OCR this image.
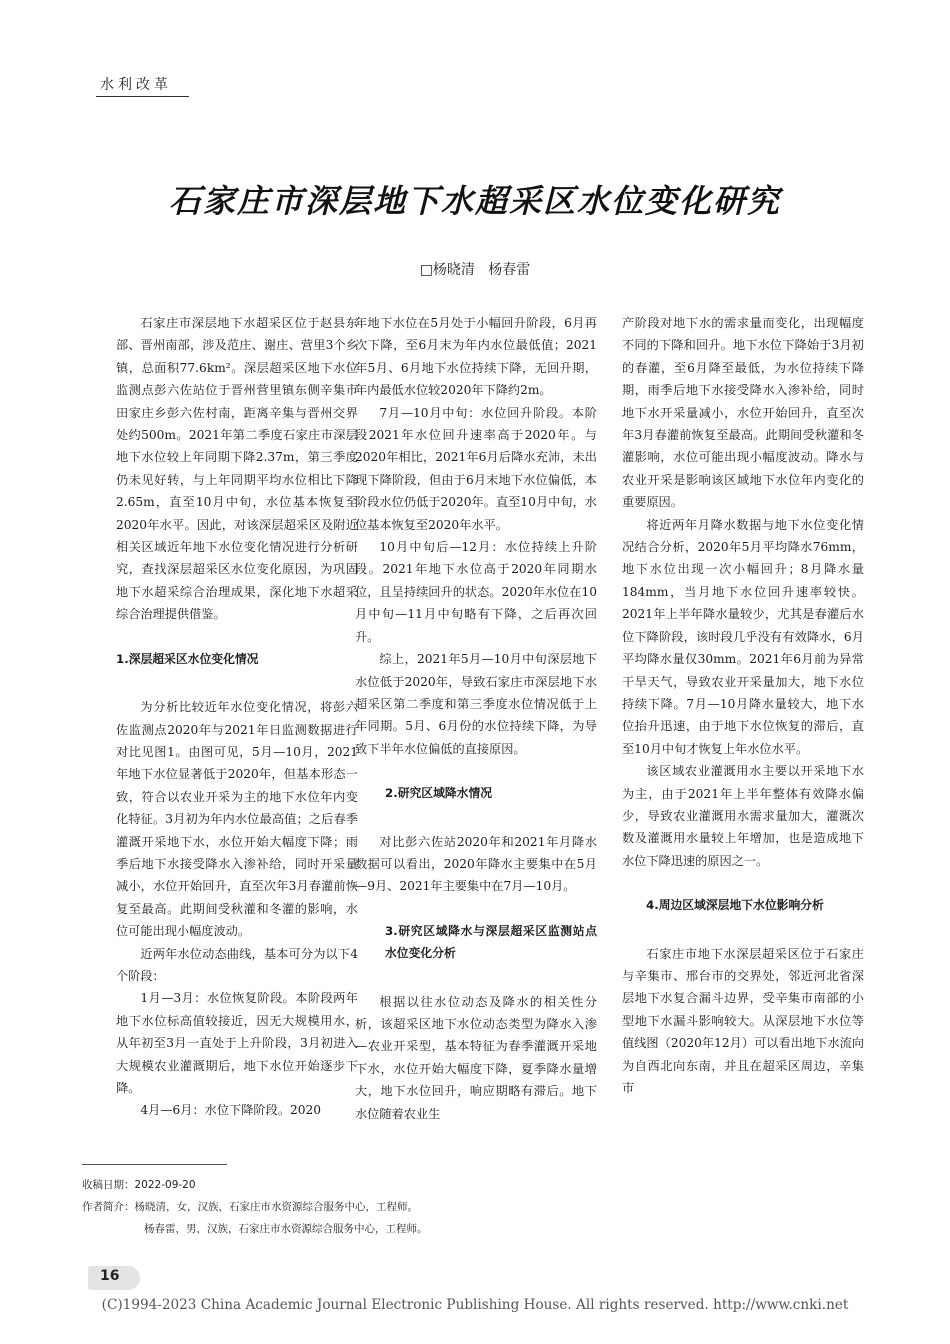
水利改革
石家庄市深层地下水超采区水位变化研究
□杨晓清   杨春雷

石家庄市深层地下水超采区位于赵县东部、晋州南部，涉及范庄、谢庄、营里3个乡镇，总面积77.6km²。深层超采区地下水位监测点彭六佐站位于晋州营里镇东侧辛集市田家庄乡彭六佐村南，距离辛集与晋州交界处约500m。2021年第二季度石家庄市深层地下水位较上年同期下降2.37m，第三季度仍未见好转，与上年同期平均水位相比下降2.65m，直至10月中旬，水位基本恢复至2020年水平。因此，对该深层超采区及附近相关区域近年地下水位变化情况进行分析研究，查找深层超采区水位变化原因，为巩固地下水超采综合治理成果，深化地下水超采综合治理提供借鉴。

1.深层超采区水位变化情况

为分析比较近年水位变化情况，将彭六佐监测点2020年与2021年日监测数据进行对比见图1。由图可见，5月—10月，2021年地下水位显著低于2020年，但基本形态一致，符合以农业开采为主的地下水位年内变化特征。3月初为年内水位最高值；之后春季灌溉开采地下水，水位开始大幅度下降；雨季后地下水接受降水入渗补给，同时开采量减小，水位开始回升，直至次年3月春灌前恢复至最高。此期间受秋灌和冬灌的影响，水位可能出现小幅度波动。

近两年水位动态曲线，基本可分为以下4个阶段：

1月—3月：水位恢复阶段。本阶段两年地下水位标高值较接近，因无大规模用水，从年初至3月一直处于上升阶段，3月初进入大规模农业灌溉期后，地下水位开始逐步下降。

4月—6月：水位下降阶段。2020

年地下水位在5月处于小幅回升阶段，6月再次下降，至6月末为年内水位最低值；2021年5月、6月地下水位持续下降，无回升期，年内最低水位较2020年下降约2m。

7月—10月中旬：水位回升阶段。本阶段2021年水位回升速率高于2020年。与2020年相比，2021年6月后降水充沛，未出现下降阶段，但由于6月末地下水位偏低，本阶段水位仍低于2020年。直至10月中旬，水位基本恢复至2020年水平。

10月中旬后—12月：水位持续上升阶段。2021年地下水位高于2020年同期水位，且呈持续回升的状态。2020年水位在10月中旬—11月中旬略有下降，之后再次回升。

综上，2021年5月—10月中旬深层地下水位低于2020年，导致石家庄市深层地下水超采区第二季度和第三季度水位情况低于上年同期。5月、6月份的水位持续下降，为导致下半年水位偏低的直接原因。

2.研究区域降水情况

对比彭六佐站2020年和2021年月降水数据可以看出，2020年降水主要集中在5月—9月、2021年主要集中在7月—10月。

3.研究区域降水与深层超采区监测站点水位变化分析

根据以往水位动态及降水的相关性分析，该超采区地下水位动态类型为降水入渗—农业开采型，基本特征为春季灌溉开采地下水，水位开始大幅度下降，夏季降水量增大，地下水位回升，响应期略有滞后。地下水位随着农业生

产阶段对地下水的需求量而变化，出现幅度不同的下降和回升。地下水位下降始于3月初的春灌，至6月降至最低，为水位持续下降期，雨季后地下水接受降水入渗补给，同时地下水开采量减小，水位开始回升，直至次年3月春灌前恢复至最高。此期间受秋灌和冬灌影响，水位可能出现小幅度波动。降水与农业开采是影响该区域地下水位年内变化的重要原因。

将近两年月降水数据与地下水位变化情况结合分析，2020年5月平均降水76mm，地下水位出现一次小幅回升；8月降水量184mm，当月地下水位回升速率较快。2021年上半年降水量较少，尤其是春灌后水位下降阶段，该时段几乎没有有效降水，6月平均降水量仅30mm。2021年6月前为异常干旱天气，导致农业开采量加大，地下水位持续下降。7月—10月降水量较大，地下水位抬升迅速，由于地下水位恢复的滞后，直至10月中旬才恢复上年水位水平。

该区域农业灌溉用水主要以开采地下水为主，由于2021年上半年整体有效降水偏少，导致农业灌溉用水需求量加大，灌溉次数及灌溉用水量较上年增加，也是造成地下水位下降迅速的原因之一。

4.周边区域深层地下水位影响分析

石家庄市地下水深层超采区位于石家庄与辛集市、邢台市的交界处，邻近河北省深层地下水复合漏斗边界，受辛集市南部的小型地下水漏斗影响较大。从深层地下水位等值线图（2020年12月）可以看出地下水流向为自西北向东南，并且在超采区周边，辛集市

收稿日期：2022-09-20
作者简介：杨晓清，女，汉族，石家庄市水资源综合服务中心，工程师。
杨春雷，男，汉族，石家庄市水资源综合服务中心，工程师。
16
(C)1994-2023 China Academic Journal Electronic Publishing House. All rights reserved. http://www.cnki.net
